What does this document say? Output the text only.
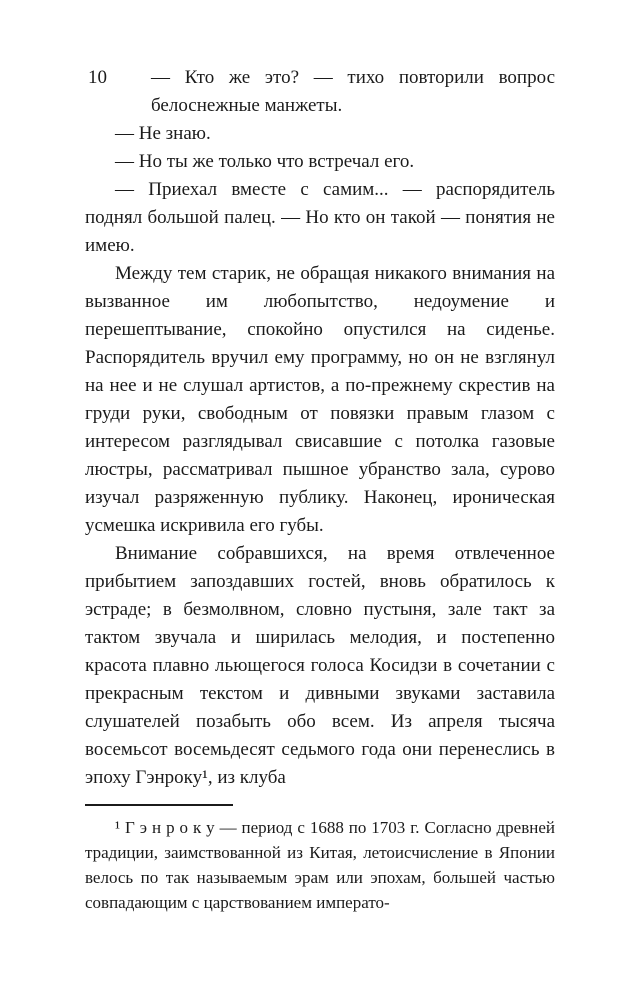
10 — Кто же это? — тихо повторили вопрос белоснежные манжеты.

— Не знаю.

— Но ты же только что встречал его.

— Приехал вместе с самим... — распорядитель поднял большой палец. — Но кто он такой — понятия не имею.

Между тем старик, не обращая никакого внимания на вызванное им любопытство, недоумение и перешептывание, спокойно опустился на сиденье. Распорядитель вручил ему программу, но он не взглянул на нее и не слушал артистов, а по-прежнему скрестив на груди руки, свободным от повязки правым глазом с интересом разглядывал свисавшие с потолка газовые люстры, рассматривал пышное убранство зала, сурово изучал разряженную публику. Наконец, ироническая усмешка искривила его губы.

Внимание собравшихся, на время отвлеченное прибытием запоздавших гостей, вновь обратилось к эстраде; в безмолвном, словно пустыня, зале такт за тактом звучала и ширилась мелодия, и постепенно красота плавно льющегося голоса Косидзи в сочетании с прекрасным текстом и дивными звуками заставила слушателей позабыть обо всем. Из апреля тысяча восемьсот восемьдесят седьмого года они перенеслись в эпоху Гэнроку¹, из клуба

¹ Г э н р о к у — период с 1688 по 1703 г. Согласно древней традиции, заимствованной из Китая, летоисчисление в Японии велось по так называемым эрам или эпохам, большей частью совпадающим с царствованием императо-
